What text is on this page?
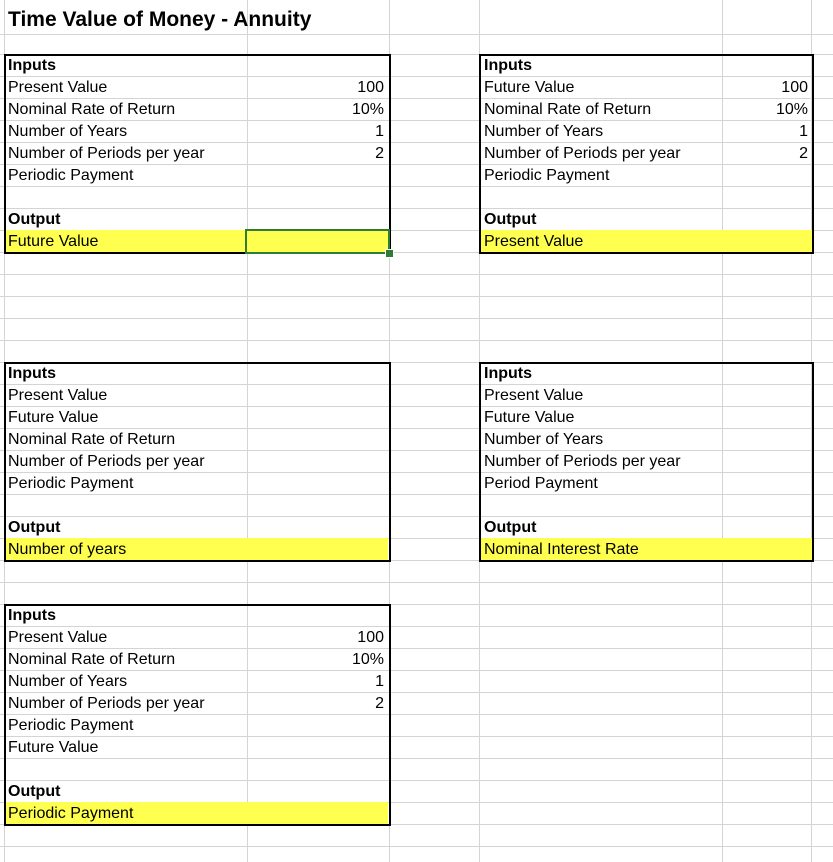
Time Value of Money - Annuity
Inputs
Present Value	100
Nominal Rate of Return	10%
Number of Years	1
Number of Periods per year	2
Periodic Payment
Output
Future Value
Inputs
Future Value	100
Nominal Rate of Return	10%
Number of Years	1
Number of Periods per year	2
Periodic Payment
Output
Present Value
Inputs
Present Value
Future Value
Nominal Rate of Return
Number of Periods per year
Periodic Payment
Output
Number of years
Inputs
Present Value
Future Value
Number of Years
Number of Periods per year
Period Payment
Output
Nominal Interest Rate
Inputs
Present Value	100
Nominal Rate of Return	10%
Number of Years	1
Number of Periods per year	2
Periodic Payment
Future Value
Output
Periodic Payment
